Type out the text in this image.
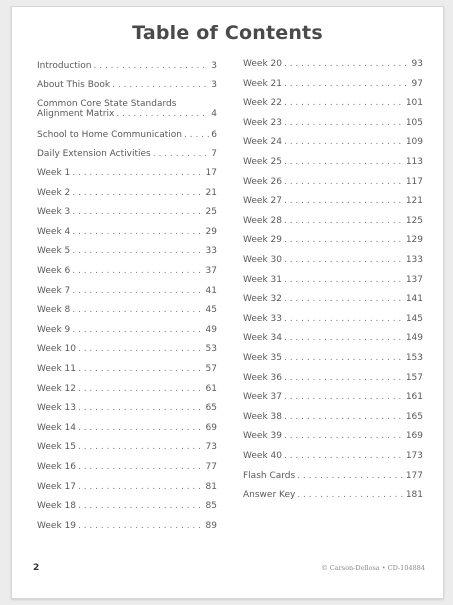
Table of Contents
Introduction . . .	3
About This Book . . .	3
Common Core State Standards
Alignment Matrix . . .	4
School to Home Communication . . .	6
Daily Extension Activities . . .	7
Week 1 . . .	17
Week 2 . . .	21
Week 3 . . .	25
Week 4 . . .	29
Week 5 . . .	33
Week 6 . . .	37
Week 7 . . .	41
Week 8 . . .	45
Week 9 . . .	49
Week 10 . . .	53
Week 11 . . .	57
Week 12 . . .	61
Week 13 . . .	65
Week 14 . . .	69
Week 15 . . .	73
Week 16 . . .	77
Week 17 . . .	81
Week 18 . . .	85
Week 19 . . .	89
Week 20 . . .	93
Week 21 . . .	97
Week 22 . . .	101
Week 23 . . .	105
Week 24 . . .	109
Week 25 . . .	113
Week 26 . . .	117
Week 27 . . .	121
Week 28 . . .	125
Week 29 . . .	129
Week 30 . . .	133
Week 31 . . .	137
Week 32 . . .	141
Week 33 . . .	145
Week 34 . . .	149
Week 35 . . .	153
Week 36 . . .	157
Week 37 . . .	161
Week 38 . . .	165
Week 39 . . .	169
Week 40 . . .	173
Flash Cards . . .	177
Answer Key . . .	181
2	© Carson-Dellosa • CD-104884
